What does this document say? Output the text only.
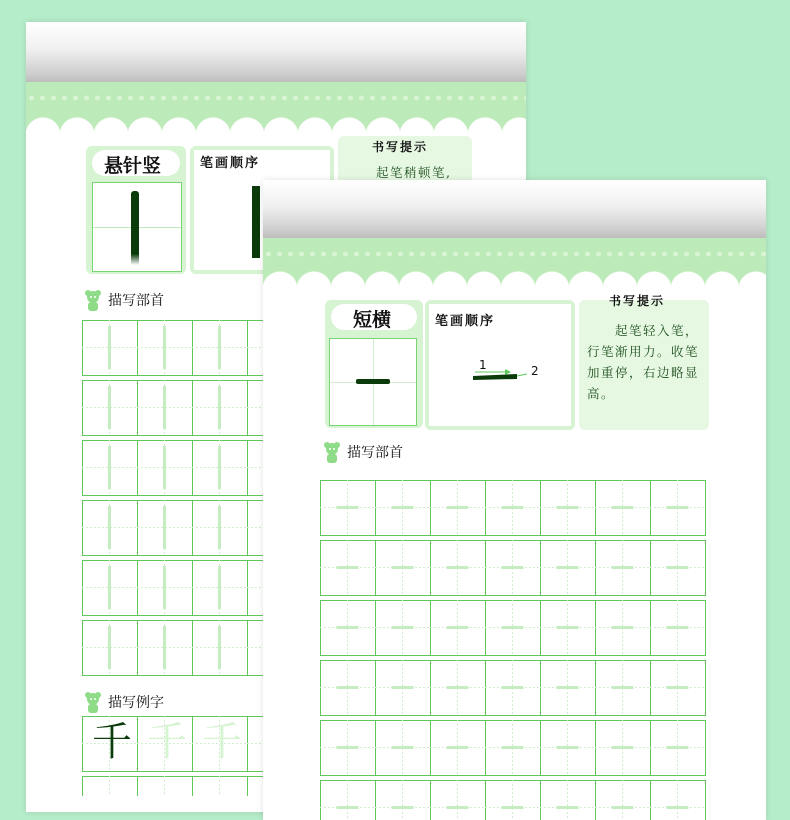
悬针竖	笔画顺序
书写提示
起笔稍顿笔,
描写部首
描写例字
千 千 千
短横	笔画顺序
1	2
书写提示
起笔轻入笔，
行笔渐用力。收笔
加重停，右边略显
高。
描写部首
